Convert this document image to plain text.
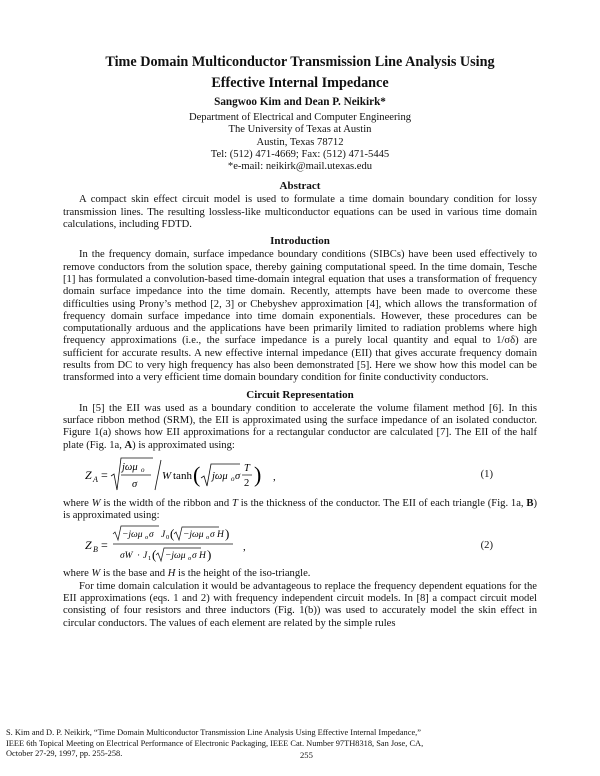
Time Domain Multiconductor Transmission Line Analysis Using
Effective Internal Impedance
Sangwoo Kim and Dean P. Neikirk*
Department of Electrical and Computer Engineering
The University of Texas at Austin
Austin, Texas 78712
Tel: (512) 471-4669; Fax: (512) 471-5445
*e-mail: neikirk@mail.utexas.edu
Abstract

A compact skin effect circuit model is used to formulate a time domain boundary condition for lossy transmission lines. The resulting lossless-like multiconductor equations can be used in various time domain calculations, including FDTD.

Introduction

In the frequency domain, surface impedance boundary conditions (SIBCs) have been used effectively to remove conductors from the solution space, thereby gaining computational speed. In the time domain, Tesche [1] has formulated a convolution-based time-domain integral equation that uses a transformation of frequency domain surface impedance into the time domain. Recently, attempts have been made to overcome these difficulties using Prony’s method [2, 3] or Chebyshev approximation [4], which allows the transformation of frequency domain surface impedance into time domain exponentials. However, these procedures can be computationally arduous and the applications have been primarily limited to radiation problems where high frequency approximations (i.e., the surface impedance is a purely local quantity and equal to 1/σδ) are sufficient for accurate results. A new effective internal impedance (EII) that gives accurate frequency domain results from DC to very high frequency has also been demonstrated [5]. Here we show how this model can be transformed into a very efficient time domain boundary condition for finite conductivity conductors.

Circuit Representation

In [5] the EII was used as a boundary condition to accelerate the volume filament method [6]. In this surface ribbon method (SRM), the EII is approximated using the surface impedance of an isolated conductor. Figure 1(a) shows how EII approximations for a rectangular conductor are calculated [7]. The EII of the half plate (Fig. 1a, A) is approximated using:

Z A =
jωμ o
σ
W tanh ( jωμ o σ
T
2 ) ,	(1)

where W is the width of the ribbon and T is the thickness of the conductor. The EII of each triangle (Fig. 1a, B) is approximated using:

Z B =
−jωμ o σ J 0 ( −jωμ o σ H )
σW · J 1 ( −jωμ o σ H )	,	(2)

where W is the base and H is the height of the iso-triangle.

For time domain calculation it would be advantageous to replace the frequency dependent equations for the EII approximations (eqs. 1 and 2) with frequency independent circuit models. In [8] a compact circuit model consisting of four resistors and three inductors (Fig. 1(b)) was used to accurately model the skin effect in circular conductors. The values of each element are related by the simple rules

S. Kim and D. P. Neikirk, “Time Domain Multiconductor Transmission Line Analysis Using Effective Internal Impedance,”
IEEE 6th Topical Meeting on Electrical Performance of Electronic Packaging, IEEE Cat. Number 97TH8318, San Jose, CA,
October 27-29, 1997, pp. 255-258.	255
